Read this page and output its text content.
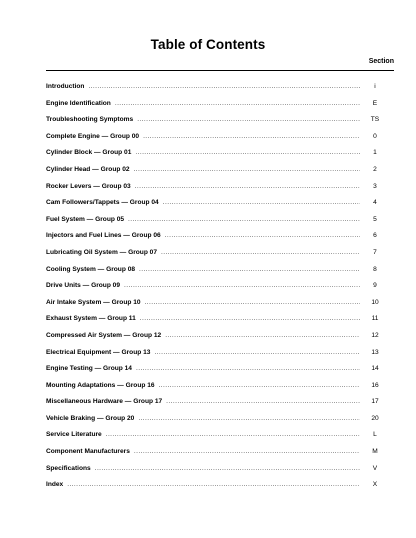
Table of Contents
Section
Introduction .....	i
Engine Identification .....	E
Troubleshooting Symptoms .....	TS
Complete Engine — Group 00 .....	0
Cylinder Block — Group 01 .....	1
Cylinder Head — Group 02 .....	2
Rocker Levers — Group 03 .....	3
Cam Followers/Tappets — Group 04 .....	4
Fuel System — Group 05 .....	5
Injectors and Fuel Lines — Group 06 .....	6
Lubricating Oil System — Group 07 .....	7
Cooling System — Group 08 .....	8
Drive Units — Group 09 .....	9
Air Intake System — Group 10 .....	10
Exhaust System — Group 11 .....	11
Compressed Air System — Group 12 .....	12
Electrical Equipment — Group 13 .....	13
Engine Testing — Group 14 .....	14
Mounting Adaptations — Group 16 .....	16
Miscellaneous Hardware — Group 17 .....	17
Vehicle Braking — Group 20 .....	20
Service Literature .....	L
Component Manufacturers .....	M
Specifications .....	V
Index .....	X
